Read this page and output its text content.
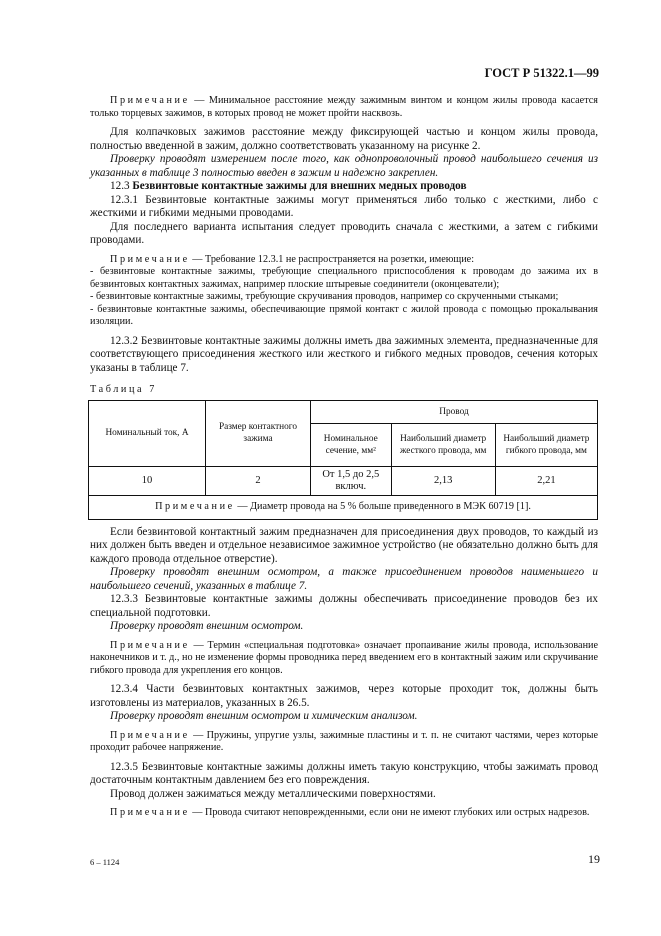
ГОСТ Р 51322.1—99

Примечание — Минимальное расстояние между зажимным винтом и концом жилы провода касается только торцевых зажимов, в которых провод не может пройти насквозь.

Для колпачковых зажимов расстояние между фиксирующей частью и концом жилы провода, полностью введенной в зажим, должно соответствовать указанному на рисунке 2.

Проверку проводят измерением после того, как однопроволочный провод наибольшего сечения из указанных в таблице 3 полностью введен в зажим и надежно закреплен.

12.3 Безвинтовые контактные зажимы для внешних медных проводов

12.3.1 Безвинтовые контактные зажимы могут применяться либо только с жесткими, либо с жесткими и гибкими медными проводами.

Для последнего варианта испытания следует проводить сначала с жесткими, а затем с гибкими проводами.

Примечание — Требование 12.3.1 не распространяется на розетки, имеющие:

- безвинтовые контактные зажимы, требующие специального приспособления к проводам до зажима их в безвинтовых контактных зажимах, например плоские штыревые соединители (оконцеватели);

- безвинтовые контактные зажимы, требующие скручивания проводов, например со скрученными стыками;

- безвинтовые контактные зажимы, обеспечивающие прямой контакт с жилой провода с помощью прокалывания изоляции.

12.3.2 Безвинтовые контактные зажимы должны иметь два зажимных элемента, предназначенные для соответствующего присоединения жесткого или жесткого и гибкого медных проводов, сечения которых указаны в таблице 7.

Таблица 7
Номинальный ток, А	Размер контактного зажима	Провод		
		Номинальное сечение, мм²	Наибольший диаметр жесткого провода, мм	Наибольший диаметр гибкого провода, мм
10	2	От 1,5 до 2,5 включ.	2,13	2,21
Примечание — Диаметр провода на 5 % больше приведенного в МЭК 60719 [1].				

Если безвинтовой контактный зажим предназначен для присоединения двух проводов, то каждый из них должен быть введен и отдельное независимое зажимное устройство (не обязательно должно быть для каждого провода отдельное отверстие).

Проверку проводят внешним осмотром, а также присоединением проводов наименьшего и наибольшего сечений, указанных в таблице 7.

12.3.3 Безвинтовые контактные зажимы должны обеспечивать присоединение проводов без их специальной подготовки.

Проверку проводят внешним осмотром.

Примечание — Термин «специальная подготовка» означает пропаивание жилы провода, использование наконечников и т. д., но не изменение формы проводника перед введением его в контактный зажим или скручивание гибкого провода для укрепления его концов.

12.3.4 Части безвинтовых контактных зажимов, через которые проходит ток, должны быть изготовлены из материалов, указанных в 26.5.

Проверку проводят внешним осмотром и химическим анализом.

Примечание — Пружины, упругие узлы, зажимные пластины и т. п. не считают частями, через которые проходит рабочее напряжение.

12.3.5 Безвинтовые контактные зажимы должны иметь такую конструкцию, чтобы зажимать провод достаточным контактным давлением без его повреждения.

Провод должен зажиматься между металлическими поверхностями.

Примечание — Провода считают неповрежденными, если они не имеют глубоких или острых надрезов.

6 – 1124	19
